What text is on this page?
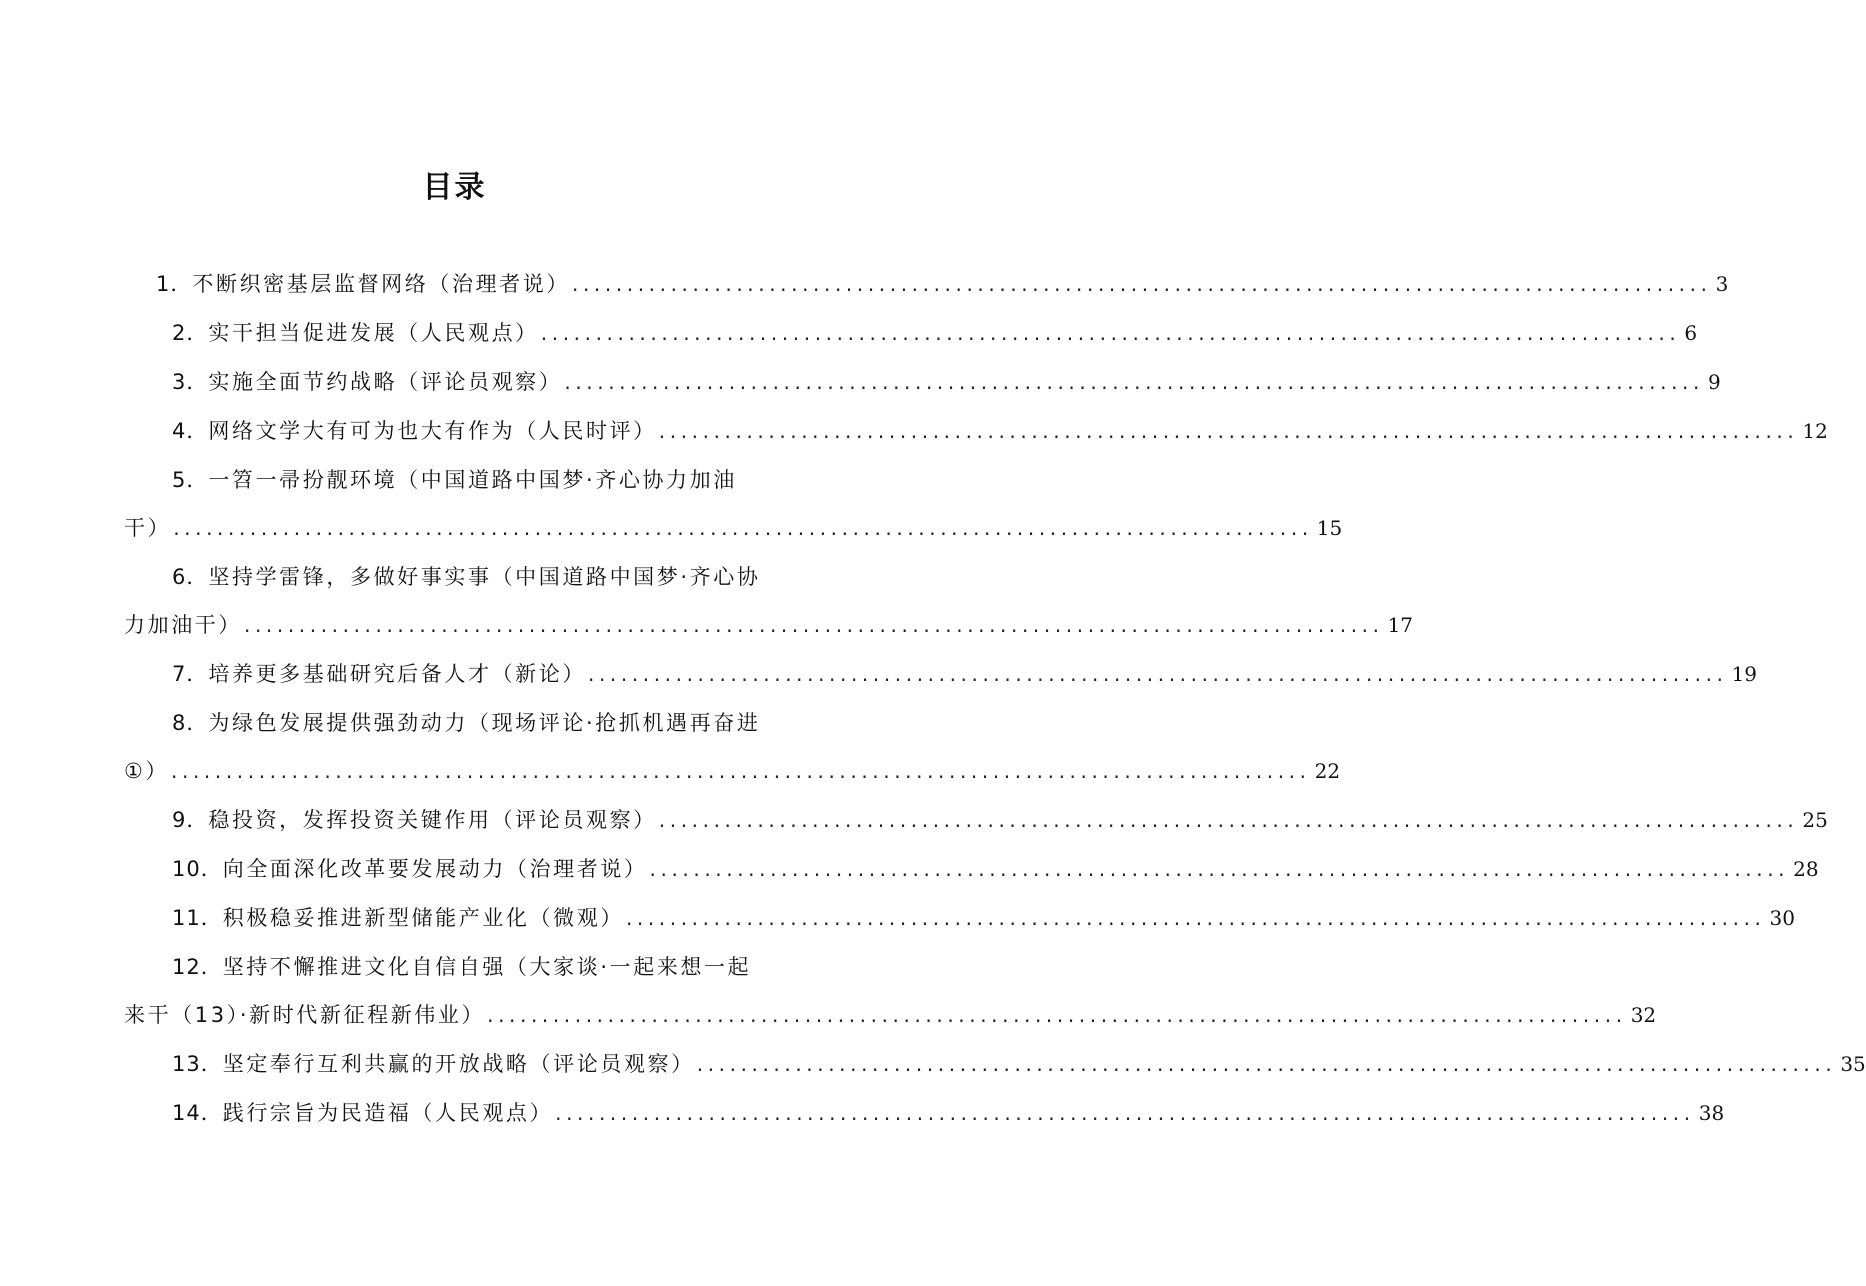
目录
1． 不断织密基层监督网络（治理者说） ........................................................................................................ 3
2． 实干担当促进发展（人民观点） ........................................................................................................ 6
3． 实施全面节约战略（评论员观察） ........................................................................................................ 9
4． 网络文学大有可为也大有作为（人民时评） ........................................................................................................ 12
5． 一笤一帚扮靓环境（中国道路中国梦·齐心协力加油
干） ........................................................................................................ 15
6． 坚持学雷锋，多做好事实事（中国道路中国梦·齐心协
力加油干） ........................................................................................................ 17
7． 培养更多基础研究后备人才（新论） ........................................................................................................ 19
8． 为绿色发展提供强劲动力（现场评论·抢抓机遇再奋进
①） ........................................................................................................ 22
9． 稳投资，发挥投资关键作用（评论员观察） ........................................................................................................ 25
10． 向全面深化改革要发展动力（治理者说） ........................................................................................................ 28
11． 积极稳妥推进新型储能产业化（微观） ........................................................................................................ 30
12． 坚持不懈推进文化自信自强（大家谈·一起来想一起
来干（13）·新时代新征程新伟业） ........................................................................................................ 32
13． 坚定奉行互利共赢的开放战略（评论员观察） ........................................................................................................ 35
14． 践行宗旨为民造福（人民观点） ........................................................................................................ 38
